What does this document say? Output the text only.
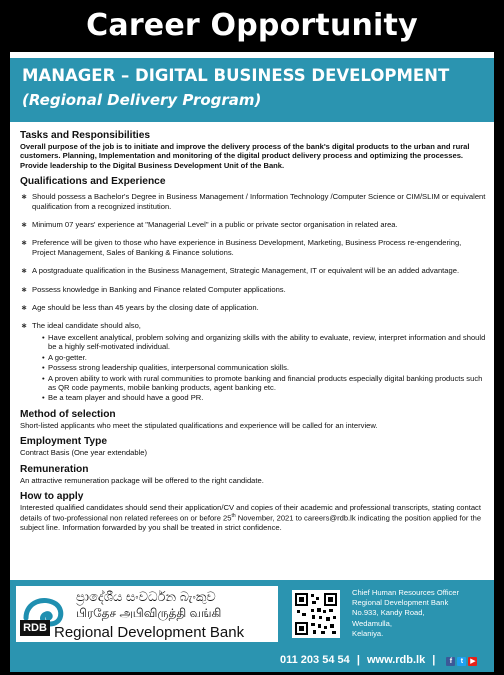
Career Opportunity
MANAGER – DIGITAL BUSINESS DEVELOPMENT
(Regional Delivery Program)

Tasks and Responsibilities

Overall purpose of the job is to initiate and improve the delivery process of the bank's digital products to the urban and rural customers. Planning, Implementation and monitoring of the digital product delivery process and optimizing the processes. Provide leadership to the Digital Business Development Unit of the Bank.

Qualifications and Experience

∗ Should possess a Bachelor's Degree in Business Management / Information Technology /Computer Science or CIM/SLIM or equivalent qualification from a recognized institution.
∗ Minimum 07 years' experience at "Managerial Level" in a public or private sector organisation in related area.
∗ Preference will be given to those who have experience in Business Development, Marketing, Business Process re-engendering, Project Management, Sales of Banking & Finance solutions.
∗ A postgraduate qualification in the Business Management, Strategic Management, IT or equivalent will be an added advantage.
∗ Possess knowledge in Banking and Finance related Computer applications.
∗ Age should be less than 45 years by the closing date of application.
∗ The ideal candidate should also,
• Have excellent analytical, problem solving and organizing skills with the ability to evaluate, review, interpret information and should be a highly self-motivated individual.
• A go-getter.
• Possess strong leadership qualities, interpersonal communication skills.
• A proven ability to work with rural communities to promote banking and financial products especially digital banking products such as QR code payments, mobile banking products, agent banking etc.
• Be a team player and should have a good PR.

Method of selection

Short-listed applicants who meet the stipulated qualifications and experience will be called for an interview.

Employment Type

Contract Basis (One year extendable)

Remuneration

An attractive remuneration package will be offered to the right candidate.

How to apply

Interested qualified candidates should send their application/CV and copies of their academic and professional transcripts, stating contact details of two-professional non related referees on or before 25th November, 2021 to careers@rdb.lk indicating the position applied for the subject line. Information forwarded by you shall be treated in strict confidence.

RDB
ප්‍රාදේශීය සංවර්ධන බැංකුව
பிரதேச அபிவிருத்தி வங்கி
Regional Development Bank
Chief Human Resources Officer
Regional Development Bank
No.933, Kandy Road,
Wedamulla,
Kelaniya.
011 203 54 54 | www.rdb.lk | f t ▶
